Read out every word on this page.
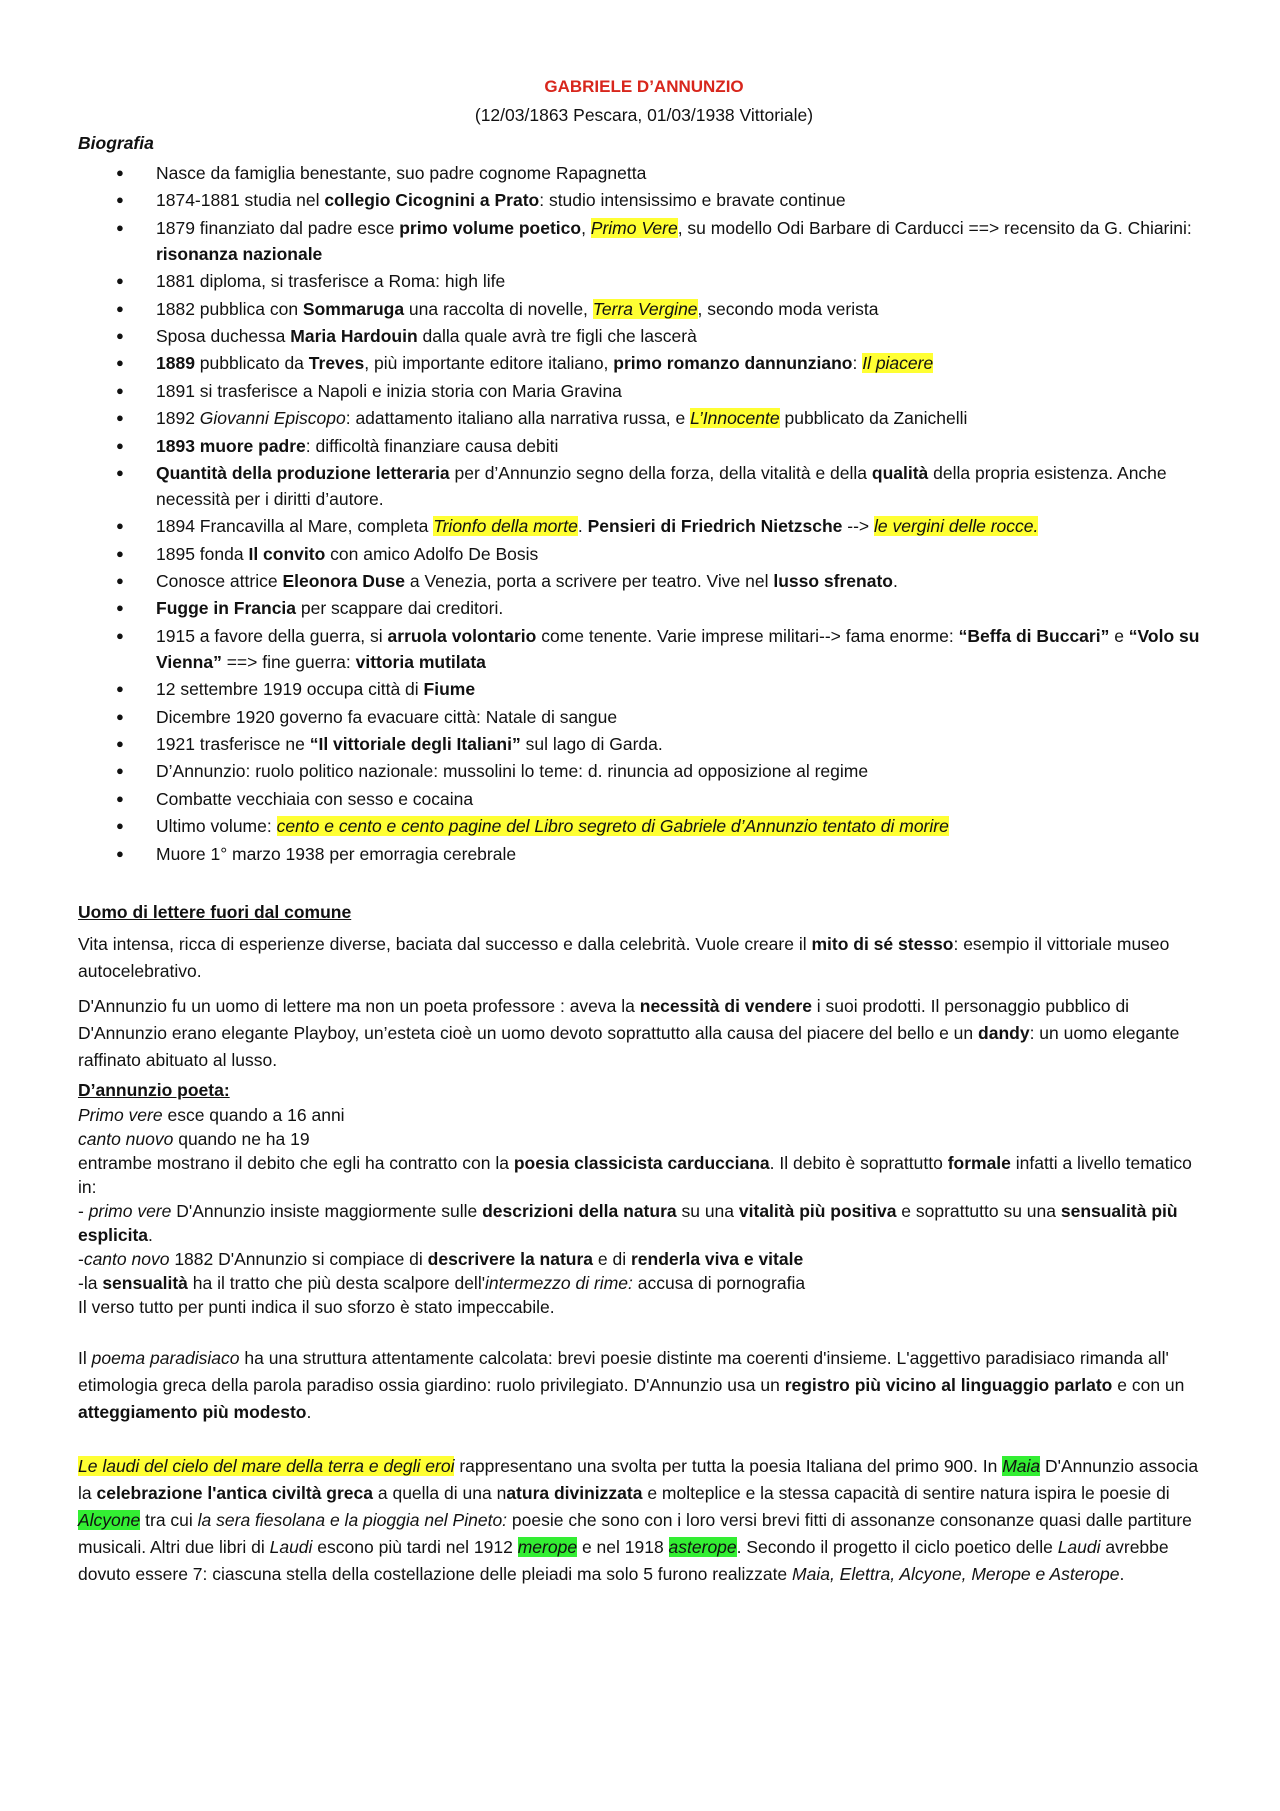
GABRIELE D’ANNUNZIO
(12/03/1863 Pescara, 01/03/1938 Vittoriale)
Biografia
● Nasce da famiglia benestante, suo padre cognome Rapagnetta
● 1874-1881 studia nel collegio Cicognini a Prato: studio intensissimo e bravate continue
● 1879 finanziato dal padre esce primo volume poetico, Primo Vere, su modello Odi Barbare di Carducci ==> recensito da G. Chiarini: risonanza nazionale
● 1881 diploma, si trasferisce a Roma: high life
● 1882 pubblica con Sommaruga una raccolta di novelle, Terra Vergine, secondo moda verista
● Sposa duchessa Maria Hardouin dalla quale avrà tre figli che lascerà
● 1889 pubblicato da Treves, più importante editore italiano, primo romanzo dannunziano: Il piacere
● 1891 si trasferisce a Napoli e inizia storia con Maria Gravina
● 1892 Giovanni Episcopo: adattamento italiano alla narrativa russa, e L’Innocente pubblicato da Zanichelli
● 1893 muore padre: difficoltà finanziare causa debiti
● Quantità della produzione letteraria per d’Annunzio segno della forza, della vitalità e della qualità della propria esistenza. Anche necessità per i diritti d’autore.
● 1894 Francavilla al Mare, completa Trionfo della morte. Pensieri di Friedrich Nietzsche --> le vergini delle rocce.
● 1895 fonda Il convito con amico Adolfo De Bosis
● Conosce attrice Eleonora Duse a Venezia, porta a scrivere per teatro. Vive nel lusso sfrenato.
● Fugge in Francia per scappare dai creditori.
● 1915 a favore della guerra, si arruola volontario come tenente. Varie imprese militari--> fama enorme: “Beffa di Buccari” e “Volo su Vienna” ==> fine guerra: vittoria mutilata
● 12 settembre 1919 occupa città di Fiume
● Dicembre 1920 governo fa evacuare città: Natale di sangue
● 1921 trasferisce ne “Il vittoriale degli Italiani” sul lago di Garda.
● D’Annunzio: ruolo politico nazionale: mussolini lo teme: d. rinuncia ad opposizione al regime
● Combatte vecchiaia con sesso e cocaina
● Ultimo volume: cento e cento e cento pagine del Libro segreto di Gabriele d’Annunzio tentato di morire
● Muore 1° marzo 1938 per emorragia cerebrale
Uomo di lettere fuori dal comune

Vita intensa, ricca di esperienze diverse, baciata dal successo e dalla celebrità. Vuole creare il mito di sé stesso: esempio il vittoriale museo autocelebrativo.

D'Annunzio fu un uomo di lettere ma non un poeta professore : aveva la necessità di vendere i suoi prodotti. Il personaggio pubblico di D'Annunzio erano elegante Playboy, un’esteta cioè un uomo devoto soprattutto alla causa del piacere del bello e un dandy: un uomo elegante raffinato abituato al lusso.

D’annunzio poeta:

Primo vere esce quando a 16 anni

canto nuovo quando ne ha 19

entrambe mostrano il debito che egli ha contratto con la poesia classicista carducciana. Il debito è soprattutto formale infatti a livello tematico in:

- primo vere D'Annunzio insiste maggiormente sulle descrizioni della natura su una vitalità più positiva e soprattutto su una sensualità più esplicita.

-canto novo 1882 D'Annunzio si compiace di descrivere la natura e di renderla viva e vitale

-la sensualità ha il tratto che più desta scalpore dell'intermezzo di rime: accusa di pornografia

Il verso tutto per punti indica il suo sforzo è stato impeccabile.

Il poema paradisiaco ha una struttura attentamente calcolata: brevi poesie distinte ma coerenti d'insieme. L'aggettivo paradisiaco rimanda all' etimologia greca della parola paradiso ossia giardino: ruolo privilegiato. D'Annunzio usa un registro più vicino al linguaggio parlato e con un atteggiamento più modesto.

Le laudi del cielo del mare della terra e degli eroi rappresentano una svolta per tutta la poesia Italiana del primo 900. In Maia D'Annunzio associa la celebrazione l'antica civiltà greca a quella di una natura divinizzata e molteplice e la stessa capacità di sentire natura ispira le poesie di Alcyone tra cui la sera fiesolana e la pioggia nel Pineto: poesie che sono con i loro versi brevi fitti di assonanze consonanze quasi dalle partiture musicali. Altri due libri di Laudi escono più tardi nel 1912 merope e nel 1918 asterope. Secondo il progetto il ciclo poetico delle Laudi avrebbe dovuto essere 7: ciascuna stella della costellazione delle pleiadi ma solo 5 furono realizzate Maia, Elettra, Alcyone, Merope e Asterope.
